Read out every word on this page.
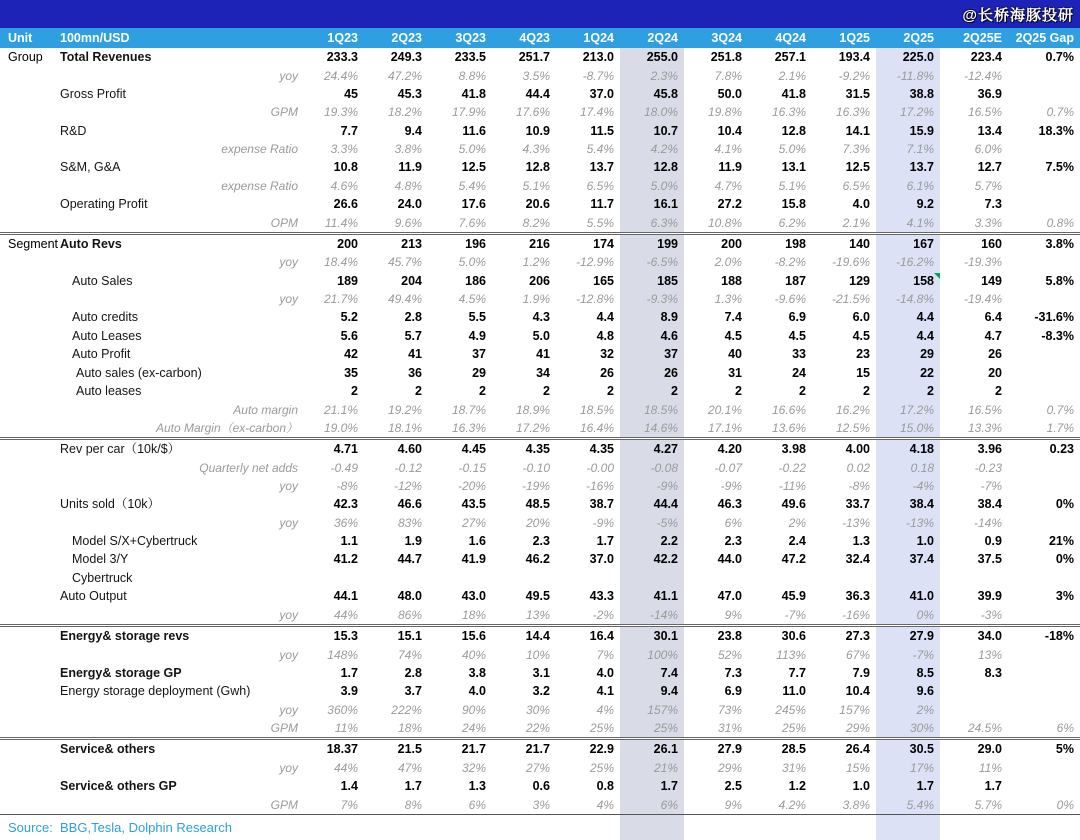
@长桥海豚投研
Unit	100mn/USD	1Q23	2Q23	3Q23	4Q23	1Q24	2Q24	3Q24	4Q24	1Q25	2Q25	2Q25E	2Q25 Gap
Group	Total Revenues	233.3	249.3	233.5	251.7	213.0	255.0	251.8	257.1	193.4	225.0	223.4	0.7%
	yoy	24.4%	47.2%	8.8%	3.5%	-8.7%	2.3%	7.8%	2.1%	-9.2%	-11.8%	-12.4%	
	Gross Profit	45	45.3	41.8	44.4	37.0	45.8	50.0	41.8	31.5	38.8	36.9	
	GPM	19.3%	18.2%	17.9%	17.6%	17.4%	18.0%	19.8%	16.3%	16.3%	17.2%	16.5%	0.7%
	R&D	7.7	9.4	11.6	10.9	11.5	10.7	10.4	12.8	14.1	15.9	13.4	18.3%
	expense Ratio	3.3%	3.8%	5.0%	4.3%	5.4%	4.2%	4.1%	5.0%	7.3%	7.1%	6.0%	
	S&M, G&A	10.8	11.9	12.5	12.8	13.7	12.8	11.9	13.1	12.5	13.7	12.7	7.5%
	expense Ratio	4.6%	4.8%	5.4%	5.1%	6.5%	5.0%	4.7%	5.1%	6.5%	6.1%	5.7%	
	Operating Profit	26.6	24.0	17.6	20.6	11.7	16.1	27.2	15.8	4.0	9.2	7.3	
	OPM	11.4%	9.6%	7.6%	8.2%	5.5%	6.3%	10.8%	6.2%	2.1%	4.1%	3.3%	0.8%
Segment	Auto Revs	200	213	196	216	174	199	200	198	140	167	160	3.8%
	yoy	18.4%	45.7%	5.0%	1.2%	-12.9%	-6.5%	2.0%	-8.2%	-19.6%	-16.2%	-19.3%	
	Auto Sales	189	204	186	206	165	185	188	187	129	158	149	5.8%
	yoy	21.7%	49.4%	4.5%	1.9%	-12.8%	-9.3%	1.3%	-9.6%	-21.5%	-14.8%	-19.4%	
	Auto credits	5.2	2.8	5.5	4.3	4.4	8.9	7.4	6.9	6.0	4.4	6.4	-31.6%
	Auto Leases	5.6	5.7	4.9	5.0	4.8	4.6	4.5	4.5	4.5	4.4	4.7	-8.3%
	Auto Profit	42	41	37	41	32	37	40	33	23	29	26	
	Auto sales (ex-carbon)	35	36	29	34	26	26	31	24	15	22	20	
	Auto leases	2	2	2	2	2	2	2	2	2	2	2	
	Auto margin	21.1%	19.2%	18.7%	18.9%	18.5%	18.5%	20.1%	16.6%	16.2%	17.2%	16.5%	0.7%
	Auto Margin（ex-carbon）	19.0%	18.1%	16.3%	17.2%	16.4%	14.6%	17.1%	13.6%	12.5%	15.0%	13.3%	1.7%
	Rev per car（10k/$）	4.71	4.60	4.45	4.35	4.35	4.27	4.20	3.98	4.00	4.18	3.96	0.23
	Quarterly net adds	-0.49	-0.12	-0.15	-0.10	-0.00	-0.08	-0.07	-0.22	0.02	0.18	-0.23	
	yoy	-8%	-12%	-20%	-19%	-16%	-9%	-9%	-11%	-8%	-4%	-7%	
	Units sold（10k）	42.3	46.6	43.5	48.5	38.7	44.4	46.3	49.6	33.7	38.4	38.4	0%
	yoy	36%	83%	27%	20%	-9%	-5%	6%	2%	-13%	-13%	-14%	
	Model S/X+Cybertruck	1.1	1.9	1.6	2.3	1.7	2.2	2.3	2.4	1.3	1.0	0.9	21%
	Model 3/Y	41.2	44.7	41.9	46.2	37.0	42.2	44.0	47.2	32.4	37.4	37.5	0%
	Cybertruck												
	Auto Output	44.1	48.0	43.0	49.5	43.3	41.1	47.0	45.9	36.3	41.0	39.9	3%
	yoy	44%	86%	18%	13%	-2%	-14%	9%	-7%	-16%	0%	-3%	
	Energy& storage revs	15.3	15.1	15.6	14.4	16.4	30.1	23.8	30.6	27.3	27.9	34.0	-18%
	yoy	148%	74%	40%	10%	7%	100%	52%	113%	67%	-7%	13%	
	Energy& storage GP	1.7	2.8	3.8	3.1	4.0	7.4	7.3	7.7	7.9	8.5	8.3	
	Energy storage deployment (Gwh)	3.9	3.7	4.0	3.2	4.1	9.4	6.9	11.0	10.4	9.6		
	yoy	360%	222%	90%	30%	4%	157%	73%	245%	157%	2%		
	GPM	11%	18%	24%	22%	25%	25%	31%	25%	29%	30%	24.5%	6%
	Service& others	18.37	21.5	21.7	21.7	22.9	26.1	27.9	28.5	26.4	30.5	29.0	5%
	yoy	44%	47%	32%	27%	25%	21%	29%	31%	15%	17%	11%	
	Service& others GP	1.4	1.7	1.3	0.6	0.8	1.7	2.5	1.2	1.0	1.7	1.7	
	GPM	7%	8%	6%	3%	4%	6%	9%	4.2%	3.8%	5.4%	5.7%	0%
Source:	BBG,Tesla, Dolphin Research												
